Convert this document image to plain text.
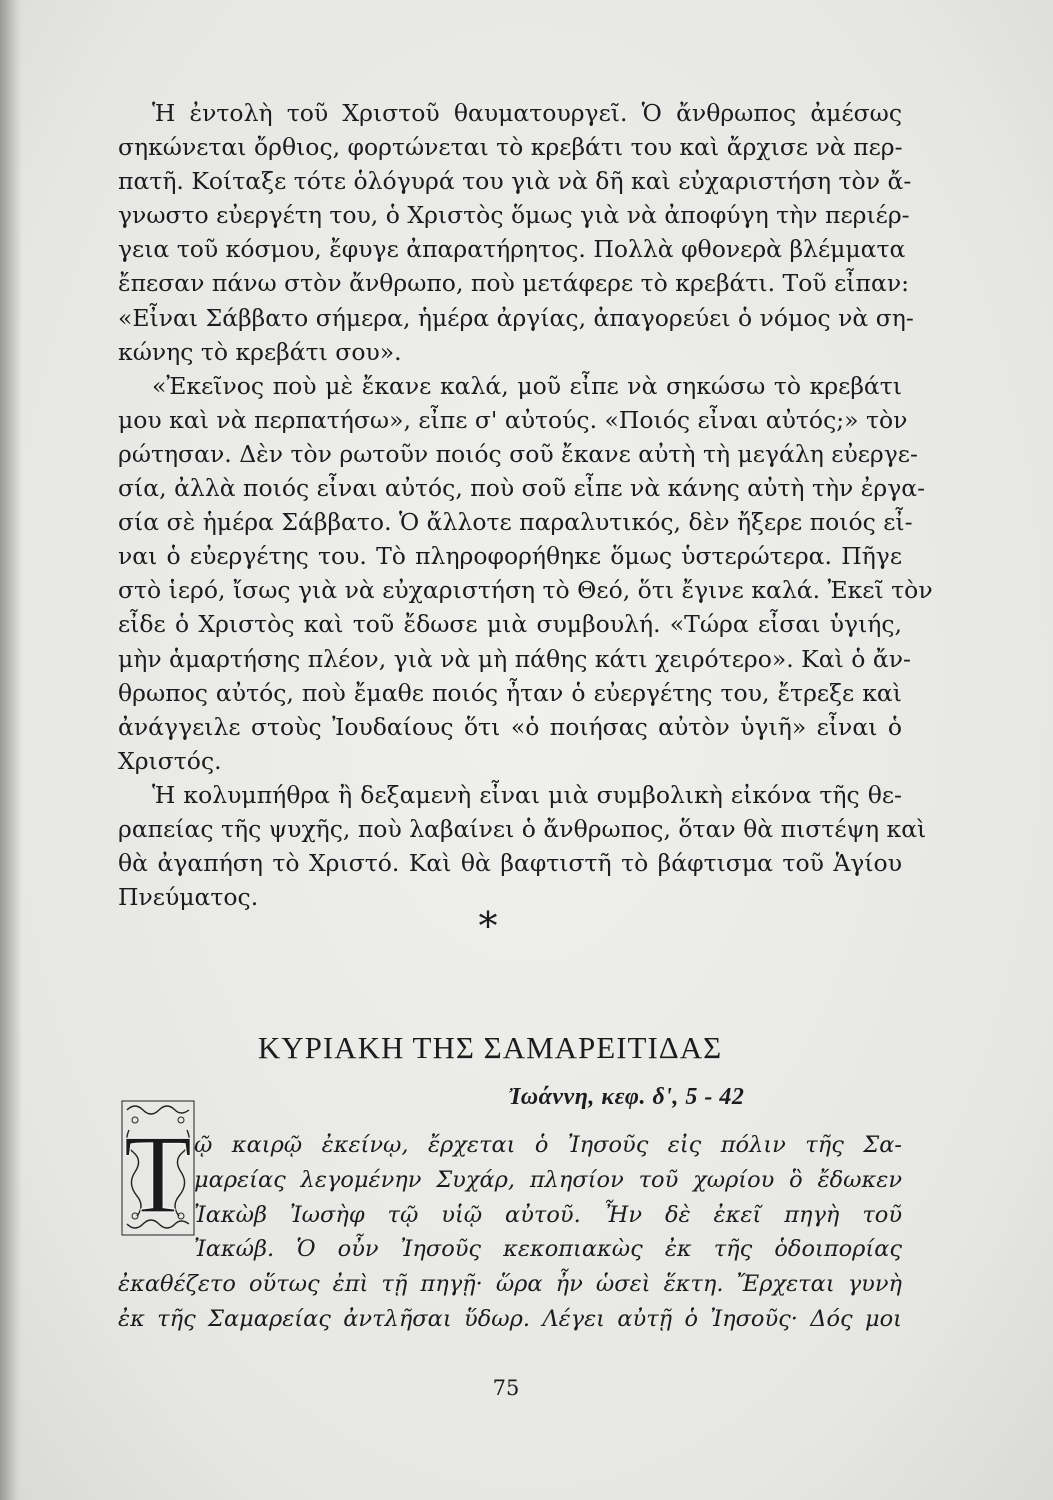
Ἡ ἐντολὴ τοῦ Χριστοῦ θαυματουργεῖ. Ὁ ἄνθρωπος ἀμέσως
σηκώνεται ὄρθιος, φορτώνεται τὸ κρεβάτι του καὶ ἄρχισε νὰ περ-
πατῆ. Κοίταξε τότε ὁλόγυρά του γιὰ νὰ δῆ καὶ εὐχαριστήση τὸν ἄ-
γνωστο εὐεργέτη του, ὁ Χριστὸς ὅμως γιὰ νὰ ἀποφύγη τὴν περιέρ-
γεια τοῦ κόσμου, ἔφυγε ἀπαρατήρητος. Πολλὰ φθονερὰ βλέμματα
ἔπεσαν πάνω στὸν ἄνθρωπο, ποὺ μετάφερε τὸ κρεβάτι. Τοῦ εἶπαν:
«Εἶναι Σάββατο σήμερα, ἡμέρα ἀργίας, ἀπαγορεύει ὁ νόμος νὰ ση-
κώνης τὸ κρεβάτι σου».
«Ἐκεῖνος ποὺ μὲ ἔκανε καλά, μοῦ εἶπε νὰ σηκώσω τὸ κρεβάτι
μου καὶ νὰ περπατήσω», εἶπε σ' αὐτούς. «Ποιός εἶναι αὐτός;» τὸν
ρώτησαν. Δὲν τὸν ρωτοῦν ποιός σοῦ ἔκανε αὐτὴ τὴ μεγάλη εὐεργε-
σία, ἀλλὰ ποιός εἶναι αὐτός, ποὺ σοῦ εἶπε νὰ κάνης αὐτὴ τὴν ἐργα-
σία σὲ ἡμέρα Σάββατο. Ὁ ἄλλοτε παραλυτικός, δὲν ἤξερε ποιός εἶ-
ναι ὁ εὐεργέτης του. Τὸ πληροφορήθηκε ὅμως ὑστερώτερα. Πῆγε
στὸ ἱερό, ἴσως γιὰ νὰ εὐχαριστήση τὸ Θεό, ὅτι ἔγινε καλά. Ἐκεῖ τὸν
εἶδε ὁ Χριστὸς καὶ τοῦ ἔδωσε μιὰ συμβουλή. «Τώρα εἶσαι ὑγιής,
μὴν ἁμαρτήσης πλέον, γιὰ νὰ μὴ πάθης κάτι χειρότερο». Καὶ ὁ ἄν-
θρωπος αὐτός, ποὺ ἔμαθε ποιός ἦταν ὁ εὐεργέτης του, ἔτρεξε καὶ
ἀνάγγειλε στοὺς Ἰουδαίους ὅτι «ὁ ποιήσας αὐτὸν ὑγιῆ» εἶναι ὁ
Χριστός.
Ἡ κολυμπήθρα ἢ δεξαμενὴ εἶναι μιὰ συμβολικὴ εἰκόνα τῆς θε-
ραπείας τῆς ψυχῆς, ποὺ λαβαίνει ὁ ἄνθρωπος, ὅταν θὰ πιστέψη καὶ
θὰ ἀγαπήση τὸ Χριστό. Καὶ θὰ βαφτιστῆ τὸ βάφτισμα τοῦ Ἁγίου
Πνεύματος.
*
ΚΥΡΙΑΚΗ ΤΗΣ ΣΑΜΑΡΕΙΤΙΔΑΣ
Ἰωάννη, κεφ. δ', 5 - 42
Τ ῷ καιρῷ ἐκείνῳ, ἔρχεται ὁ Ἰησοῦς εἰς πόλιν τῆς Σα-
μαρείας λεγομένην Συχάρ, πλησίον τοῦ χωρίου ὃ ἔδωκεν
Ἰακὼβ Ἰωσὴφ τῷ υἱῷ αὐτοῦ. Ἦν δὲ ἐκεῖ πηγὴ τοῦ
Ἰακώβ. Ὁ οὖν Ἰησοῦς κεκοπιακὼς ἐκ τῆς ὁδοιπορίας
ἐκαθέζετο οὕτως ἐπὶ τῇ πηγῇ· ὥρα ἦν ὡσεὶ ἕκτη. Ἔρχεται γυνὴ
ἐκ τῆς Σαμαρείας ἀντλῆσαι ὕδωρ. Λέγει αὐτῇ ὁ Ἰησοῦς· Δός μοι
75
